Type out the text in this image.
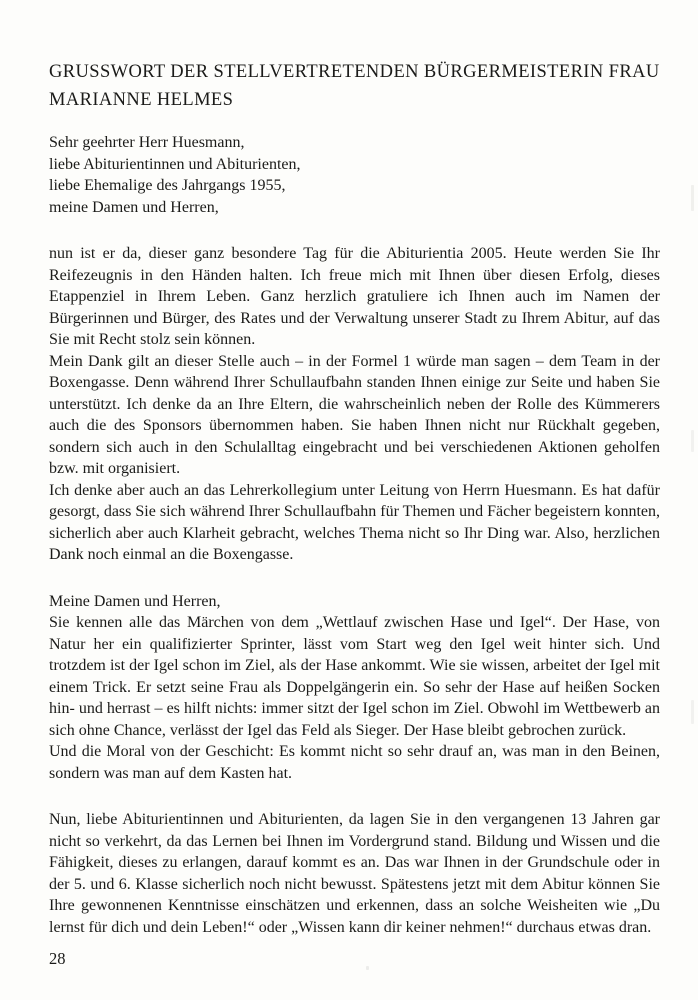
GRUSSWORT DER STELLVERTRETENDEN BÜRGERMEISTERIN FRAU
MARIANNE HELMES
Sehr geehrter Herr Huesmann,
liebe Abiturientinnen und Abiturienten,
liebe Ehemalige des Jahrgangs 1955,
meine Damen und Herren,

nun ist er da, dieser ganz besondere Tag für die Abiturientia 2005. Heute werden Sie Ihr Reifezeugnis in den Händen halten. Ich freue mich mit Ihnen über diesen Erfolg, dieses Etappenziel in Ihrem Leben. Ganz herzlich gratuliere ich Ihnen auch im Namen der Bürgerinnen und Bürger, des Rates und der Verwaltung unserer Stadt zu Ihrem Abitur, auf das Sie mit Recht stolz sein können.

Mein Dank gilt an dieser Stelle auch – in der Formel 1 würde man sagen – dem Team in der Boxengasse. Denn während Ihrer Schullaufbahn standen Ihnen einige zur Seite und haben Sie unterstützt. Ich denke da an Ihre Eltern, die wahrscheinlich neben der Rolle des Kümmerers auch die des Sponsors übernommen haben. Sie haben Ihnen nicht nur Rückhalt gegeben, sondern sich auch in den Schulalltag eingebracht und bei verschiedenen Aktionen geholfen bzw. mit organisiert.

Ich denke aber auch an das Lehrerkollegium unter Leitung von Herrn Huesmann. Es hat dafür gesorgt, dass Sie sich während Ihrer Schullaufbahn für Themen und Fächer begeistern konnten, sicherlich aber auch Klarheit gebracht, welches Thema nicht so Ihr Ding war. Also, herzlichen Dank noch einmal an die Boxengasse.

Meine Damen und Herren,

Sie kennen alle das Märchen von dem „Wettlauf zwischen Hase und Igel“. Der Hase, von Natur her ein qualifizierter Sprinter, lässt vom Start weg den Igel weit hinter sich. Und trotzdem ist der Igel schon im Ziel, als der Hase ankommt. Wie sie wissen, arbeitet der Igel mit einem Trick. Er setzt seine Frau als Doppelgängerin ein. So sehr der Hase auf heißen Socken hin- und herrast – es hilft nichts: immer sitzt der Igel schon im Ziel. Obwohl im Wettbewerb an sich ohne Chance, verlässt der Igel das Feld als Sieger. Der Hase bleibt gebrochen zurück.

Und die Moral von der Geschicht: Es kommt nicht so sehr drauf an, was man in den Beinen, sondern was man auf dem Kasten hat.

Nun, liebe Abiturientinnen und Abiturienten, da lagen Sie in den vergangenen 13 Jahren gar nicht so verkehrt, da das Lernen bei Ihnen im Vordergrund stand. Bildung und Wissen und die Fähigkeit, dieses zu erlangen, darauf kommt es an. Das war Ihnen in der Grundschule oder in der 5. und 6. Klasse sicherlich noch nicht bewusst. Spätestens jetzt mit dem Abitur können Sie Ihre gewonnenen Kenntnisse einschätzen und erkennen, dass an solche Weisheiten wie „Du lernst für dich und dein Leben!“ oder „Wissen kann dir keiner nehmen!“ durchaus etwas dran.

28
